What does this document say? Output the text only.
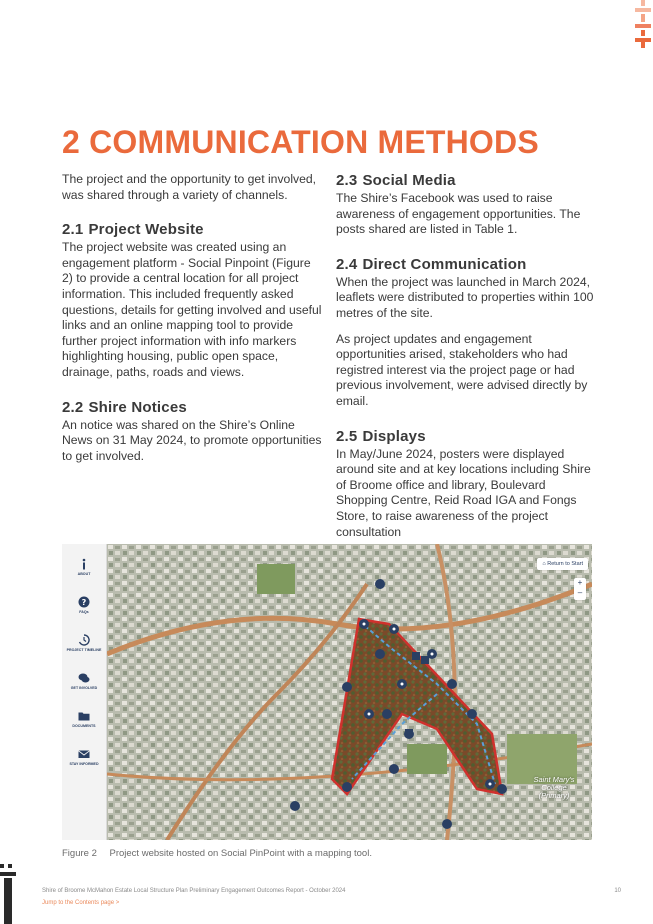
2 COMMUNICATION METHODS

The project and the opportunity to get involved, was shared through a variety of channels.

2.1 Project Website

The project website was created using an engagement platform - Social Pinpoint (Figure 2) to provide a central location for all project information. This included frequently asked questions, details for getting involved and useful links and an online mapping tool to provide further project information with info markers highlighting housing, public open space, drainage, paths, roads and views.

2.2 Shire Notices

An notice was shared on the Shire’s Online News on 31 May 2024, to promote opportunities to get involved.

2.3 Social Media

The Shire’s Facebook was used to raise awareness of engagement opportunities. The posts shared are listed in Table 1.

2.4 Direct Communication

When the project was launched in March 2024, leaflets were distributed to properties within 100 metres of the site.

As project updates and engagement opportunities arised, stakeholders who had registred interest via the project page or had previous involvement, were advised directly by email.

2.5 Displays

In May/June 2024, posters were displayed around site and at key locations including Shire of Broome office and library, Boulevard Shopping Centre, Reid Road IGA and Fongs Store, to raise awareness of the project consultation

ABOUT
?
FAQs
PROJECT TIMELINE
GET INVOLVED
DOCUMENTS
STAY INFORMED
⌂ Return to Start
+
–
Saint Mary's College (Primary)
Figure 2 Project website hosted on Social PinPoint with a mapping tool.
Shire of Broome McMahon Estate Local Structure Plan Preliminary Engagement Outcomes Report - October 2024
Jump to the Contents page >
10
